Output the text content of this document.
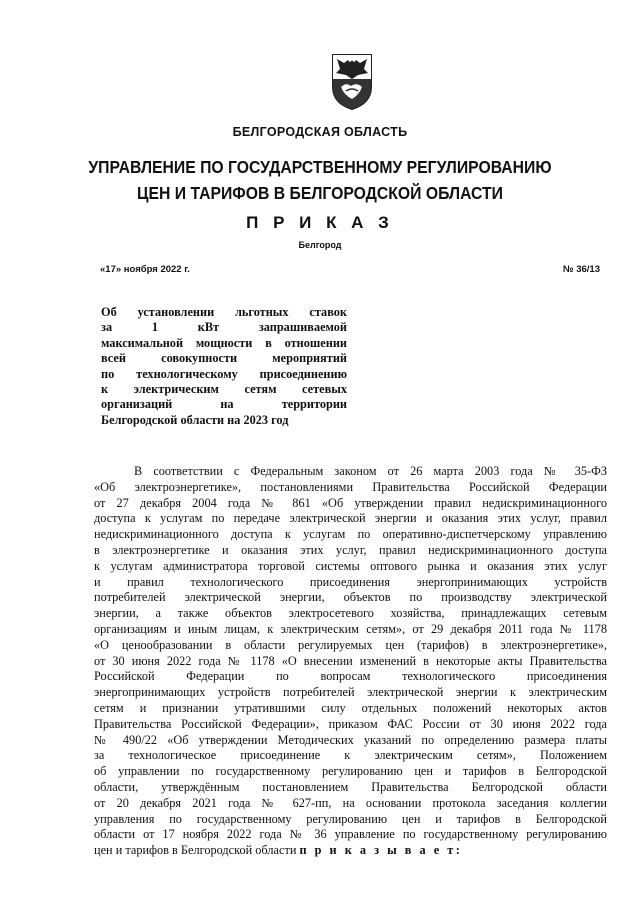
БЕЛГОРОДСКАЯ ОБЛАСТЬ
УПРАВЛЕНИЕ ПО ГОСУДАРСТВЕННОМУ РЕГУЛИРОВАНИЮ
ЦЕН И ТАРИФОВ В БЕЛГОРОДСКОЙ ОБЛАСТИ
П Р И К А З
Белгород
«17» ноября 2022 г.	№ 36/13
Об установлении льготных ставок
за 1 кВт запрашиваемой
максимальной мощности в отношении
всей совокупности мероприятий
по технологическому присоединению
к электрическим сетям сетевых
организаций на территории
Белгородской области на 2023 год
В соответствии с Федеральным законом от 26 марта 2003 года № 35-ФЗ
«Об электроэнергетике», постановлениями Правительства Российской Федерации
от 27 декабря 2004 года № 861 «Об утверждении правил недискриминационного
доступа к услугам по передаче электрической энергии и оказания этих услуг, правил
недискриминационного доступа к услугам по оперативно-диспетчерскому управлению
в электроэнергетике и оказания этих услуг, правил недискриминационного доступа
к услугам администратора торговой системы оптового рынка и оказания этих услуг
и правил технологического присоединения энергопринимающих устройств
потребителей электрической энергии, объектов по производству электрической
энергии, а также объектов электросетевого хозяйства, принадлежащих сетевым
организациям и иным лицам, к электрическим сетям», от 29 декабря 2011 года № 1178
«О ценообразовании в области регулируемых цен (тарифов) в электроэнергетике»,
от 30 июня 2022 года № 1178 «О внесении изменений в некоторые акты Правительства
Российской Федерации по вопросам технологического присоединения
энергопринимающих устройств потребителей электрической энергии к электрическим
сетям и признании утратившими силу отдельных положений некоторых актов
Правительства Российской Федерации», приказом ФАС России от 30 июня 2022 года
№ 490/22 «Об утверждении Методических указаний по определению размера платы
за технологическое присоединение к электрическим сетям», Положением
об управлении по государственному регулированию цен и тарифов в Белгородской
области, утверждённым постановлением Правительства Белгородской области
от 20 декабря 2021 года № 627-пп, на основании протокола заседания коллегии
управления по государственному регулированию цен и тарифов в Белгородской
области от 17 ноября 2022 года № 36 управление по государственному регулированию
цен и тарифов в Белгородской области п р и к а з ы в а е т:
